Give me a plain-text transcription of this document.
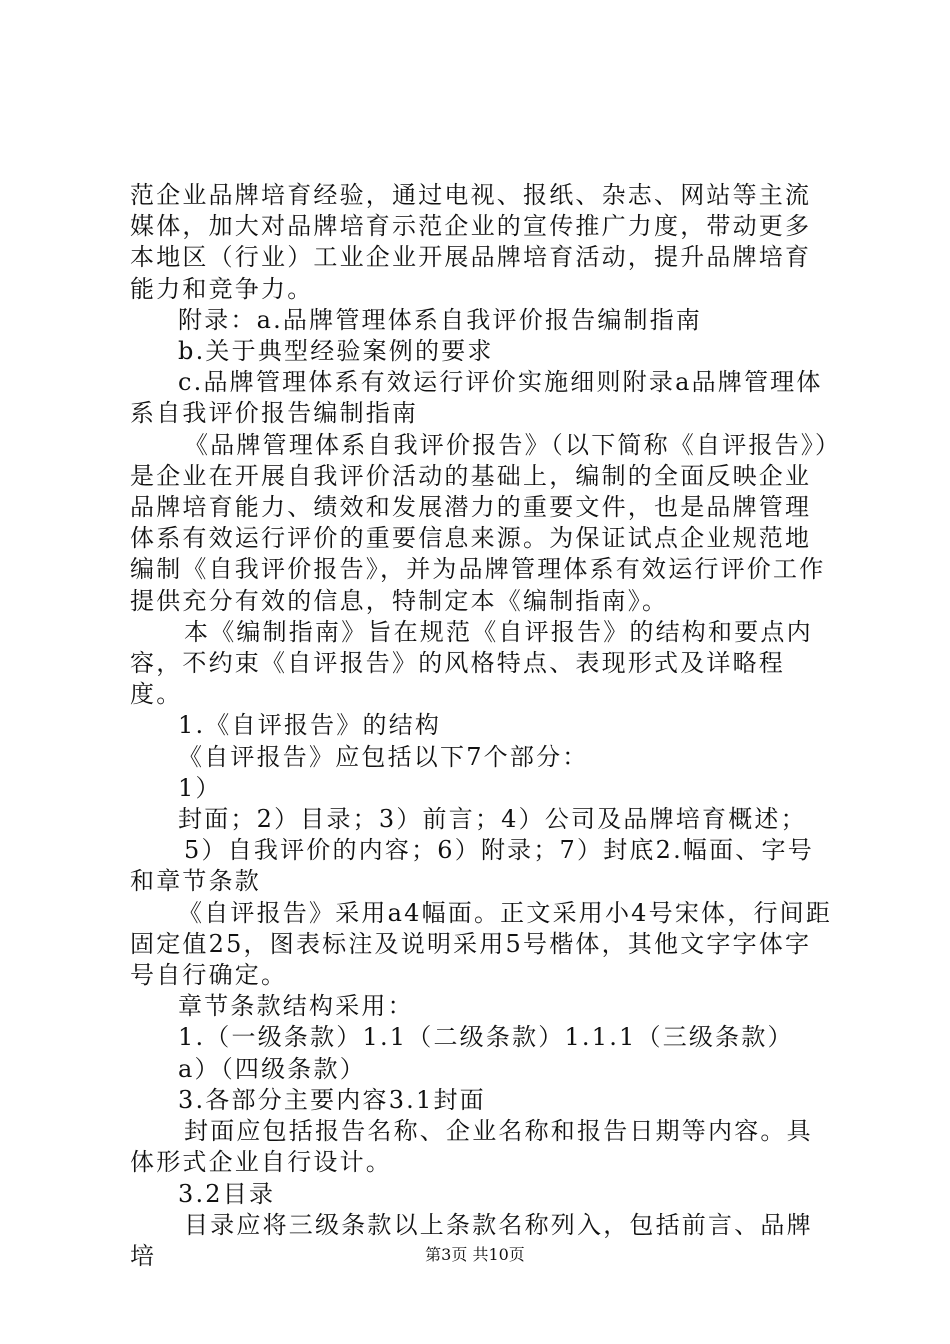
范企业品牌培育经验，通过电视、报纸、杂志、网站等主流媒体，加大对品牌培育示范企业的宣传推广力度，带动更多本地区（行业）工业企业开展品牌培育活动，提升品牌培育能力和竞争力。

附录：a.品牌管理体系自我评价报告编制指南

b.关于典型经验案例的要求

c.品牌管理体系有效运行评价实施细则附录a品牌管理体系自我评价报告编制指南

《品牌管理体系自我评价报告》（以下简称《自评报告》）是企业在开展自我评价活动的基础上，编制的全面反映企业品牌培育能力、绩效和发展潜力的重要文件，也是品牌管理体系有效运行评价的重要信息来源。为保证试点企业规范地编制《自我评价报告》，并为品牌管理体系有效运行评价工作提供充分有效的信息，特制定本《编制指南》。

本《编制指南》旨在规范《自评报告》的结构和要点内容，不约束《自评报告》的风格特点、表现形式及详略程度。

1.《自评报告》的结构

《自评报告》应包括以下7个部分：

1）

封面；2）目录；3）前言；4）公司及品牌培育概述；

5）自我评价的内容；6）附录；7）封底2.幅面、字号和章节条款

《自评报告》采用a4幅面。正文采用小4号宋体，行间距固定值25，图表标注及说明采用5号楷体，其他文字字体字号自行确定。

章节条款结构采用：

1.（一级条款）1.1（二级条款）1.1.1（三级条款）

a）（四级条款）

3.各部分主要内容3.1封面

封面应包括报告名称、企业名称和报告日期等内容。具体形式企业自行设计。

3.2目录

目录应将三级条款以上条款名称列入，包括前言、品牌培	第3页 共10页
